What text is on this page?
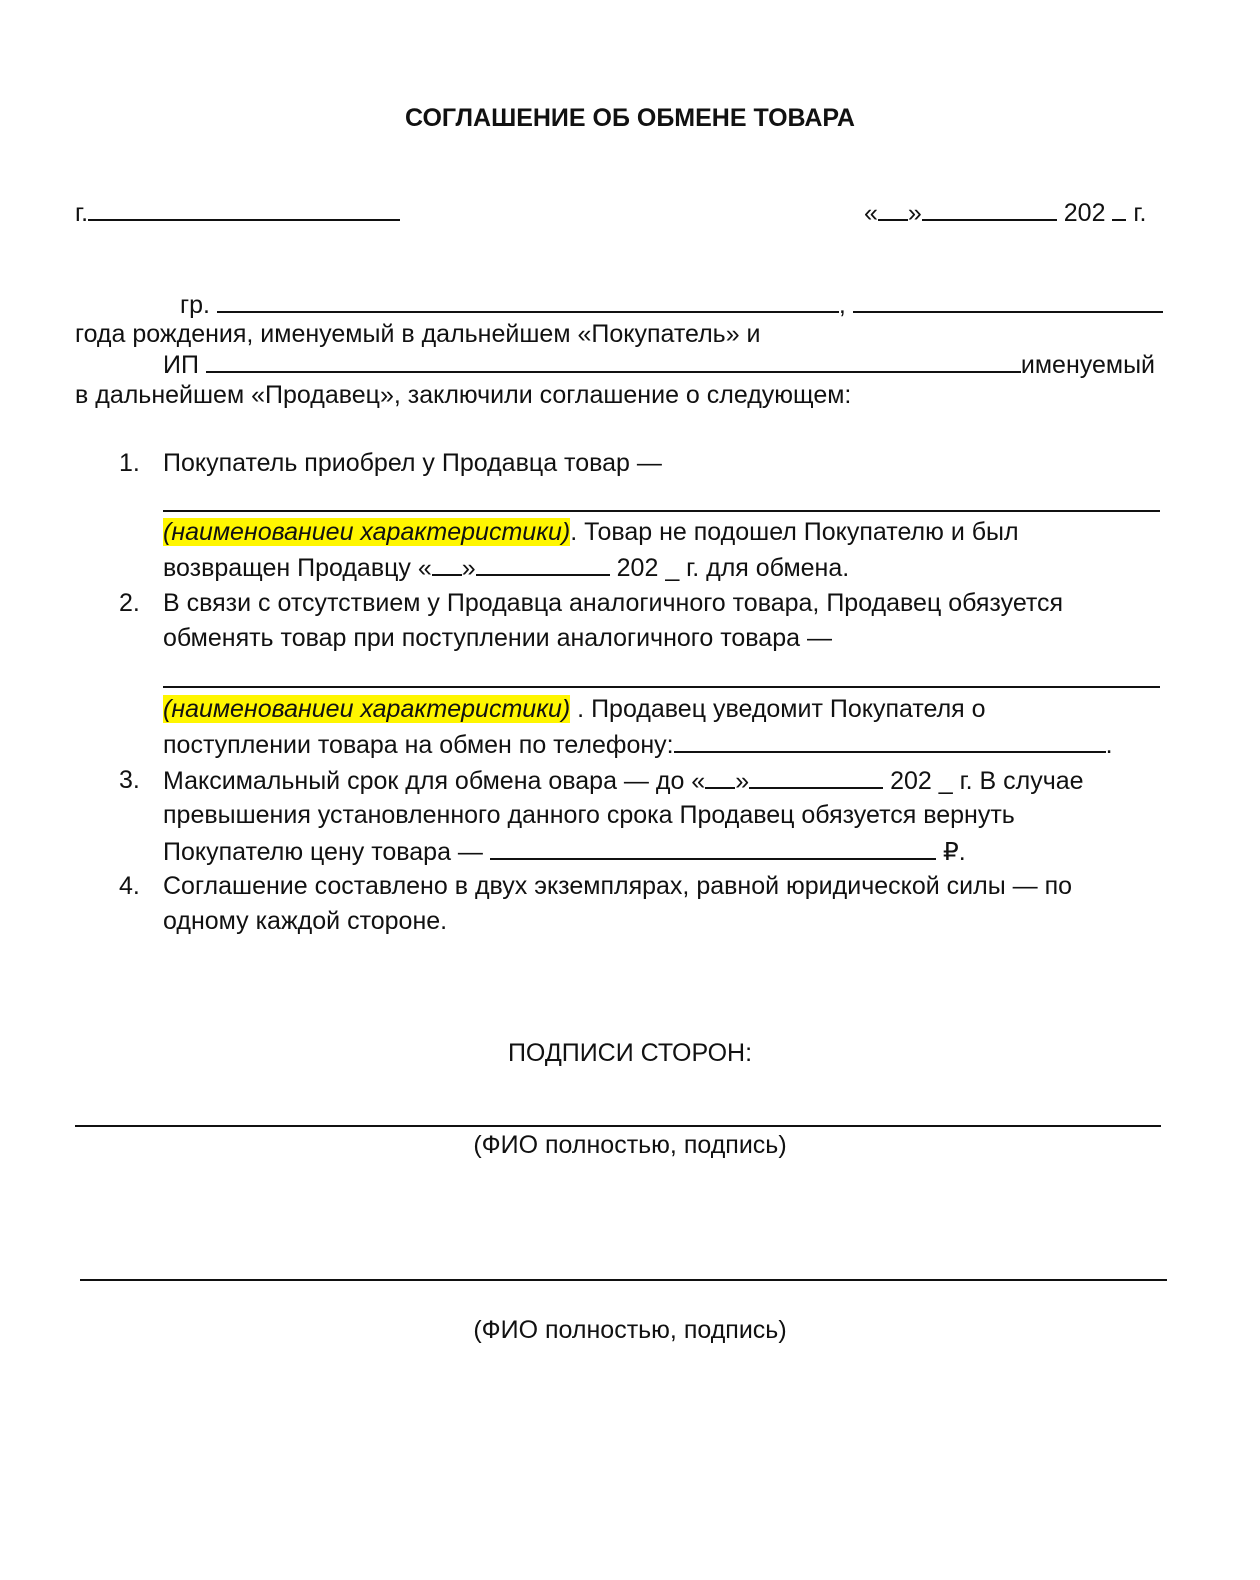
СОГЛАШЕНИЕ ОБ ОБМЕНЕ ТОВАРА
г.	« »	202 г.
гр.	,
года рождения, именуемый в дальнейшем «Покупатель» и
ИП	именуемый
в дальнейшем «Продавец», заключили соглашение о следующем:
1. Покупатель приобрел у Продавца товар —
(наименованиеи характеристики). Товар не подошел Покупателю и был
возвращен Продавцу « »	202 _ г. для обмена.
2. В связи с отсутствием у Продавца аналогичного товара, Продавец обязуется
обменять товар при поступлении аналогичного товара —
(наименованиеи характеристики) . Продавец уведомит Покупателя о
поступлении товара на обмен по телефону:	.
3. Максимальный срок для обмена овара — до « »	202 _ г. В случае
превышения установленного данного срока Продавец обязуется вернуть
Покупателю цену товара —	₽.
4. Соглашение составлено в двух экземплярах, равной юридической силы — по
одному каждой стороне.
ПОДПИСИ СТОРОН:
(ФИО полностью, подпись)
(ФИО полностью, подпись)
